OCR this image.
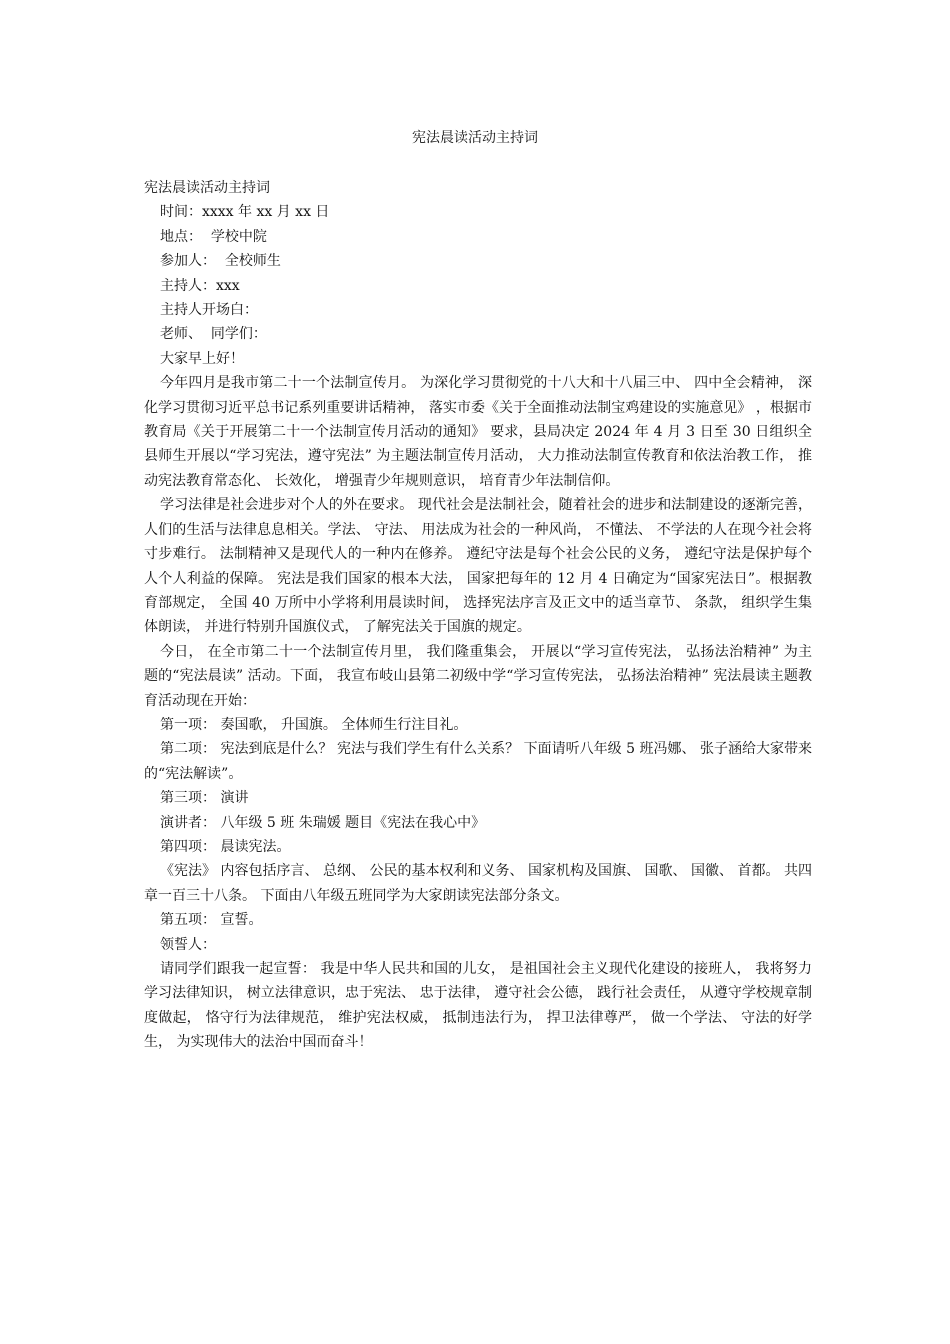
宪法晨读活动主持词

宪法晨读活动主持词

时间：xxxx 年 xx 月 xx 日

地点：  学校中院

参加人：  全校师生

主持人：xxx

主持人开场白：

老师、  同学们：

大家早上好！

今年四月是我市第二十一个法制宣传月。 为深化学习贯彻党的十八大和十八届三中、 四中全会精神， 深化学习贯彻习近平总书记系列重要讲话精神， 落实市委《关于全面推动法制宝鸡建设的实施意见》 ，根据市教育局《关于开展第二十一个法制宣传月活动的通知》 要求，县局决定 2024 年 4 月 3 日至 30 日组织全县师生开展以“学习宪法，遵守宪法” 为主题法制宣传月活动， 大力推动法制宣传教育和依法治教工作， 推动宪法教育常态化、 长效化， 增强青少年规则意识， 培育青少年法制信仰。

学习法律是社会进步对个人的外在要求。 现代社会是法制社会，随着社会的进步和法制建设的逐渐完善， 人们的生活与法律息息相关。学法、 守法、 用法成为社会的一种风尚， 不懂法、 不学法的人在现今社会将寸步难行。 法制精神又是现代人的一种内在修养。 遵纪守法是每个社会公民的义务， 遵纪守法是保护每个人个人利益的保障。 宪法是我们国家的根本大法， 国家把每年的 12 月 4 日确定为“国家宪法日”。根据教育部规定， 全国 40 万所中小学将利用晨读时间， 选择宪法序言及正文中的适当章节、 条款， 组织学生集体朗读， 并进行特别升国旗仪式， 了解宪法关于国旗的规定。

今日， 在全市第二十一个法制宣传月里， 我们隆重集会， 开展以“学习宣传宪法， 弘扬法治精神” 为主题的“宪法晨读” 活动。下面， 我宣布岐山县第二初级中学“学习宣传宪法， 弘扬法治精神” 宪法晨读主题教育活动现在开始：

第一项： 奏国歌， 升国旗。 全体师生行注目礼。

第二项： 宪法到底是什么？ 宪法与我们学生有什么关系？ 下面请听八年级 5 班冯娜、 张子涵给大家带来的“宪法解读”。

第三项： 演讲

演讲者： 八年级 5 班 朱瑞媛 题目《宪法在我心中》

第四项： 晨读宪法。

《宪法》 内容包括序言、 总纲、 公民的基本权利和义务、 国家机构及国旗、 国歌、 国徽、 首都。 共四章一百三十八条。 下面由八年级五班同学为大家朗读宪法部分条文。

第五项： 宣誓。

领誓人：

请同学们跟我一起宣誓： 我是中华人民共和国的儿女， 是祖国社会主义现代化建设的接班人， 我将努力学习法律知识， 树立法律意识，忠于宪法、 忠于法律， 遵守社会公德， 践行社会责任， 从遵守学校规章制度做起， 恪守行为法律规范， 维护宪法权威， 抵制违法行为， 捍卫法律尊严， 做一个学法、 守法的好学生， 为实现伟大的法治中国而奋斗！
